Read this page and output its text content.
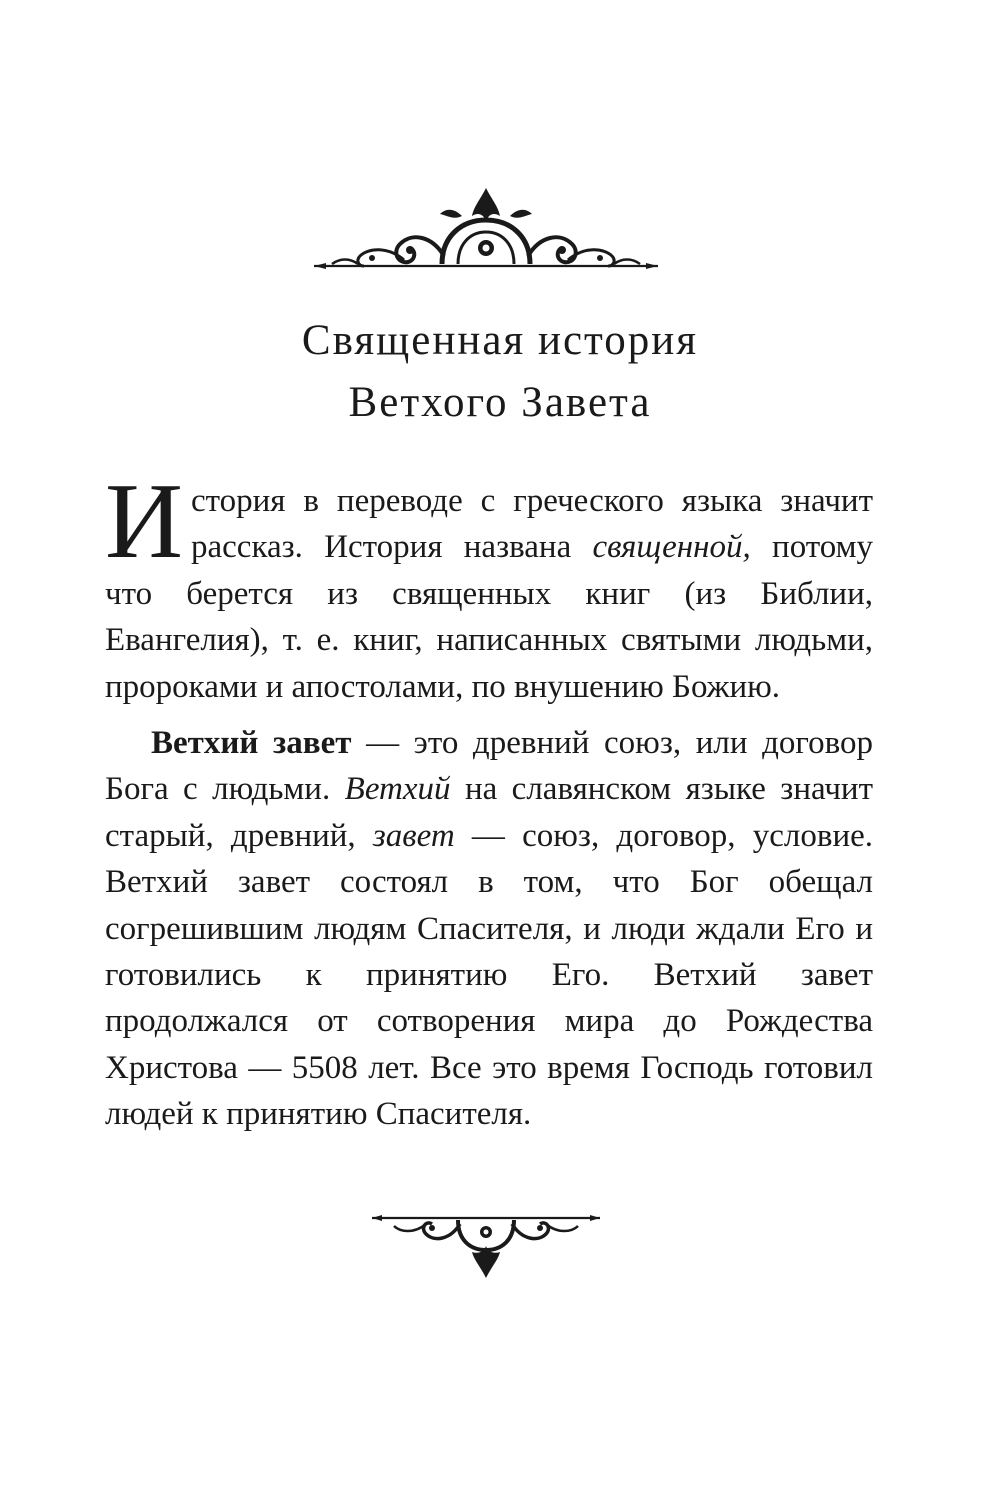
Священная история
Ветхого Завета

История в переводе с греческого языка значит рассказ. История названа священной, потому что берется из священных книг (из Библии, Евангелия), т. е. книг, написанных святыми людьми, пророками и апостолами, по внушению Божию.

Ветхий завет — это древний союз, или договор Бога с людьми. Ветхий на славянском языке значит старый, древний, завет — союз, договор, условие. Ветхий завет состоял в том, что Бог обещал согрешившим людям Спасителя, и люди ждали Его и готовились к принятию Его. Ветхий завет продолжался от сотворения мира до Рождества Христова — 5508 лет. Все это время Господь готовил людей к принятию Спасителя.
